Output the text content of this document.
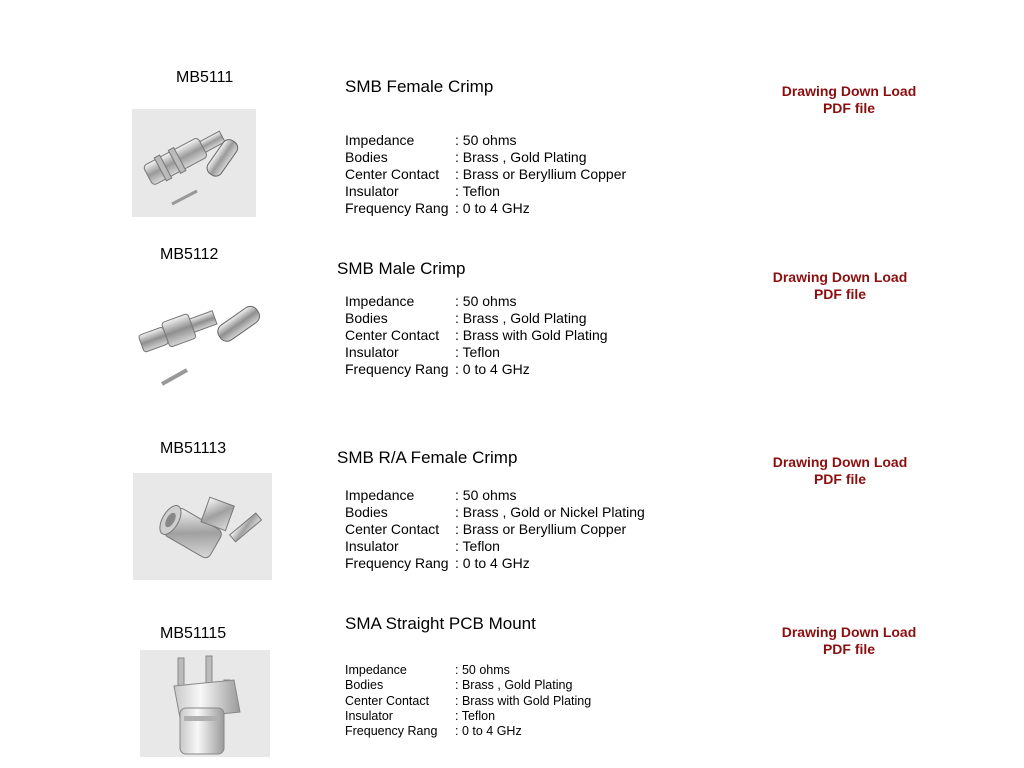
MB5111	SMB Female Crimp
Impedance	: 50 ohms
Bodies	: Brass , Gold Plating
Center Contact	: Brass or Beryllium Copper
Insulator	: Teflon
Frequency Rang : 0 to 4 GHz
Drawing Down Load
PDF file
MB5112
SMB Male Crimp
Impedance	: 50 ohms
Bodies	: Brass , Gold Plating
Center Contact	: Brass with Gold Plating
Insulator	: Teflon
Frequency Rang : 0 to 4 GHz
Drawing Down Load
PDF file
MB51113	SMB R/A Female Crimp
Impedance	: 50 ohms
Bodies	: Brass , Gold or Nickel Plating
Center Contact	: Brass or Beryllium Copper
Insulator	: Teflon
Frequency Rang : 0 to 4 GHz
Drawing Down Load
PDF file
MB51115
SMA Straight PCB Mount
Impedance	: 50 ohms
Bodies	: Brass , Gold Plating
Center Contact	: Brass with Gold Plating
Insulator	: Teflon
Frequency Rang	: 0 to 4 GHz
Drawing Down Load
PDF file
